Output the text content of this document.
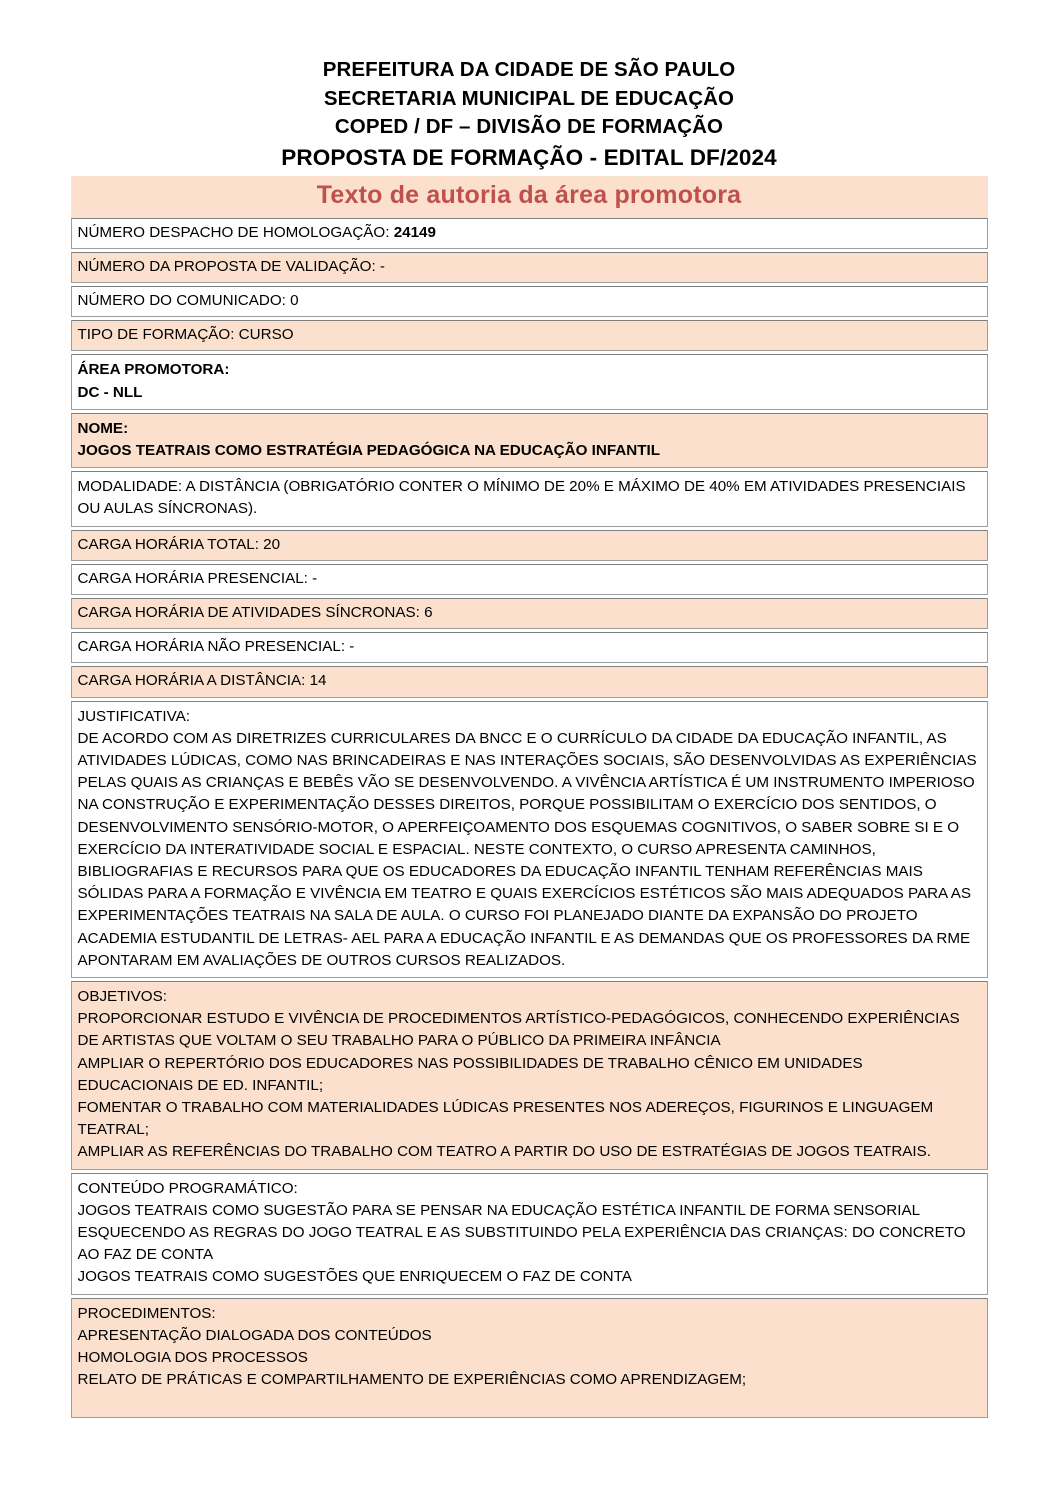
PREFEITURA DA CIDADE DE SÃO PAULO
SECRETARIA MUNICIPAL DE EDUCAÇÃO
COPED / DF – DIVISÃO DE FORMAÇÃO
PROPOSTA DE FORMAÇÃO - EDITAL DF/2024
Texto de autoria da área promotora
NÚMERO DESPACHO DE HOMOLOGAÇÃO: 24149

NÚMERO DA PROPOSTA DE VALIDAÇÃO: -

NÚMERO DO COMUNICADO: 0

TIPO DE FORMAÇÃO: CURSO

ÁREA PROMOTORA:
DC - NLL

NOME:
JOGOS TEATRAIS COMO ESTRATÉGIA PEDAGÓGICA NA EDUCAÇÃO INFANTIL

MODALIDADE: A DISTÂNCIA (OBRIGATÓRIO CONTER O MÍNIMO DE 20% E MÁXIMO DE 40% EM ATIVIDADES PRESENCIAIS OU AULAS SÍNCRONAS).

CARGA HORÁRIA TOTAL: 20

CARGA HORÁRIA PRESENCIAL: -

CARGA HORÁRIA DE ATIVIDADES SÍNCRONAS: 6

CARGA HORÁRIA NÃO PRESENCIAL: -

CARGA HORÁRIA A DISTÂNCIA: 14

JUSTIFICATIVA:
DE ACORDO COM AS DIRETRIZES CURRICULARES DA BNCC E O CURRÍCULO DA CIDADE DA EDUCAÇÃO INFANTIL, AS ATIVIDADES LÚDICAS, COMO NAS BRINCADEIRAS E NAS INTERAÇÕES SOCIAIS, SÃO DESENVOLVIDAS AS EXPERIÊNCIAS PELAS QUAIS AS CRIANÇAS E BEBÊS VÃO SE DESENVOLVENDO. A VIVÊNCIA ARTÍSTICA É UM INSTRUMENTO IMPERIOSO NA CONSTRUÇÃO E EXPERIMENTAÇÃO DESSES DIREITOS, PORQUE POSSIBILITAM O EXERCÍCIO DOS SENTIDOS, O DESENVOLVIMENTO SENSÓRIO-MOTOR, O APERFEIÇOAMENTO DOS ESQUEMAS COGNITIVOS, O SABER SOBRE SI E O EXERCÍCIO DA INTERATIVIDADE SOCIAL E ESPACIAL. NESTE CONTEXTO, O CURSO APRESENTA CAMINHOS, BIBLIOGRAFIAS E RECURSOS PARA QUE OS EDUCADORES DA EDUCAÇÃO INFANTIL TENHAM REFERÊNCIAS MAIS SÓLIDAS PARA A FORMAÇÃO E VIVÊNCIA EM TEATRO E QUAIS EXERCÍCIOS ESTÉTICOS SÃO MAIS ADEQUADOS PARA AS EXPERIMENTAÇÕES TEATRAIS NA SALA DE AULA. O CURSO FOI PLANEJADO DIANTE DA EXPANSÃO DO PROJETO ACADEMIA ESTUDANTIL DE LETRAS- AEL PARA A EDUCAÇÃO INFANTIL E AS DEMANDAS QUE OS PROFESSORES DA RME APONTARAM EM AVALIAÇÕES DE OUTROS CURSOS REALIZADOS.

OBJETIVOS:
PROPORCIONAR ESTUDO E VIVÊNCIA DE PROCEDIMENTOS ARTÍSTICO-PEDAGÓGICOS, CONHECENDO EXPERIÊNCIAS DE ARTISTAS QUE VOLTAM O SEU TRABALHO PARA O PÚBLICO DA PRIMEIRA INFÂNCIA
AMPLIAR O REPERTÓRIO DOS EDUCADORES NAS POSSIBILIDADES DE TRABALHO CÊNICO EM UNIDADES EDUCACIONAIS DE ED. INFANTIL;
FOMENTAR O TRABALHO COM MATERIALIDADES LÚDICAS PRESENTES NOS ADEREÇOS, FIGURINOS E LINGUAGEM TEATRAL;
AMPLIAR AS REFERÊNCIAS DO TRABALHO COM TEATRO A PARTIR DO USO DE ESTRATÉGIAS DE JOGOS TEATRAIS.

CONTEÚDO PROGRAMÁTICO:
JOGOS TEATRAIS COMO SUGESTÃO PARA SE PENSAR NA EDUCAÇÃO ESTÉTICA INFANTIL DE FORMA SENSORIAL
ESQUECENDO AS REGRAS DO JOGO TEATRAL E AS SUBSTITUINDO PELA EXPERIÊNCIA DAS CRIANÇAS: DO CONCRETO AO FAZ DE CONTA
JOGOS TEATRAIS COMO SUGESTÕES QUE ENRIQUECEM O FAZ DE CONTA

PROCEDIMENTOS:
APRESENTAÇÃO DIALOGADA DOS CONTEÚDOS
HOMOLOGIA DOS PROCESSOS
RELATO DE PRÁTICAS E COMPARTILHAMENTO DE EXPERIÊNCIAS COMO APRENDIZAGEM;
